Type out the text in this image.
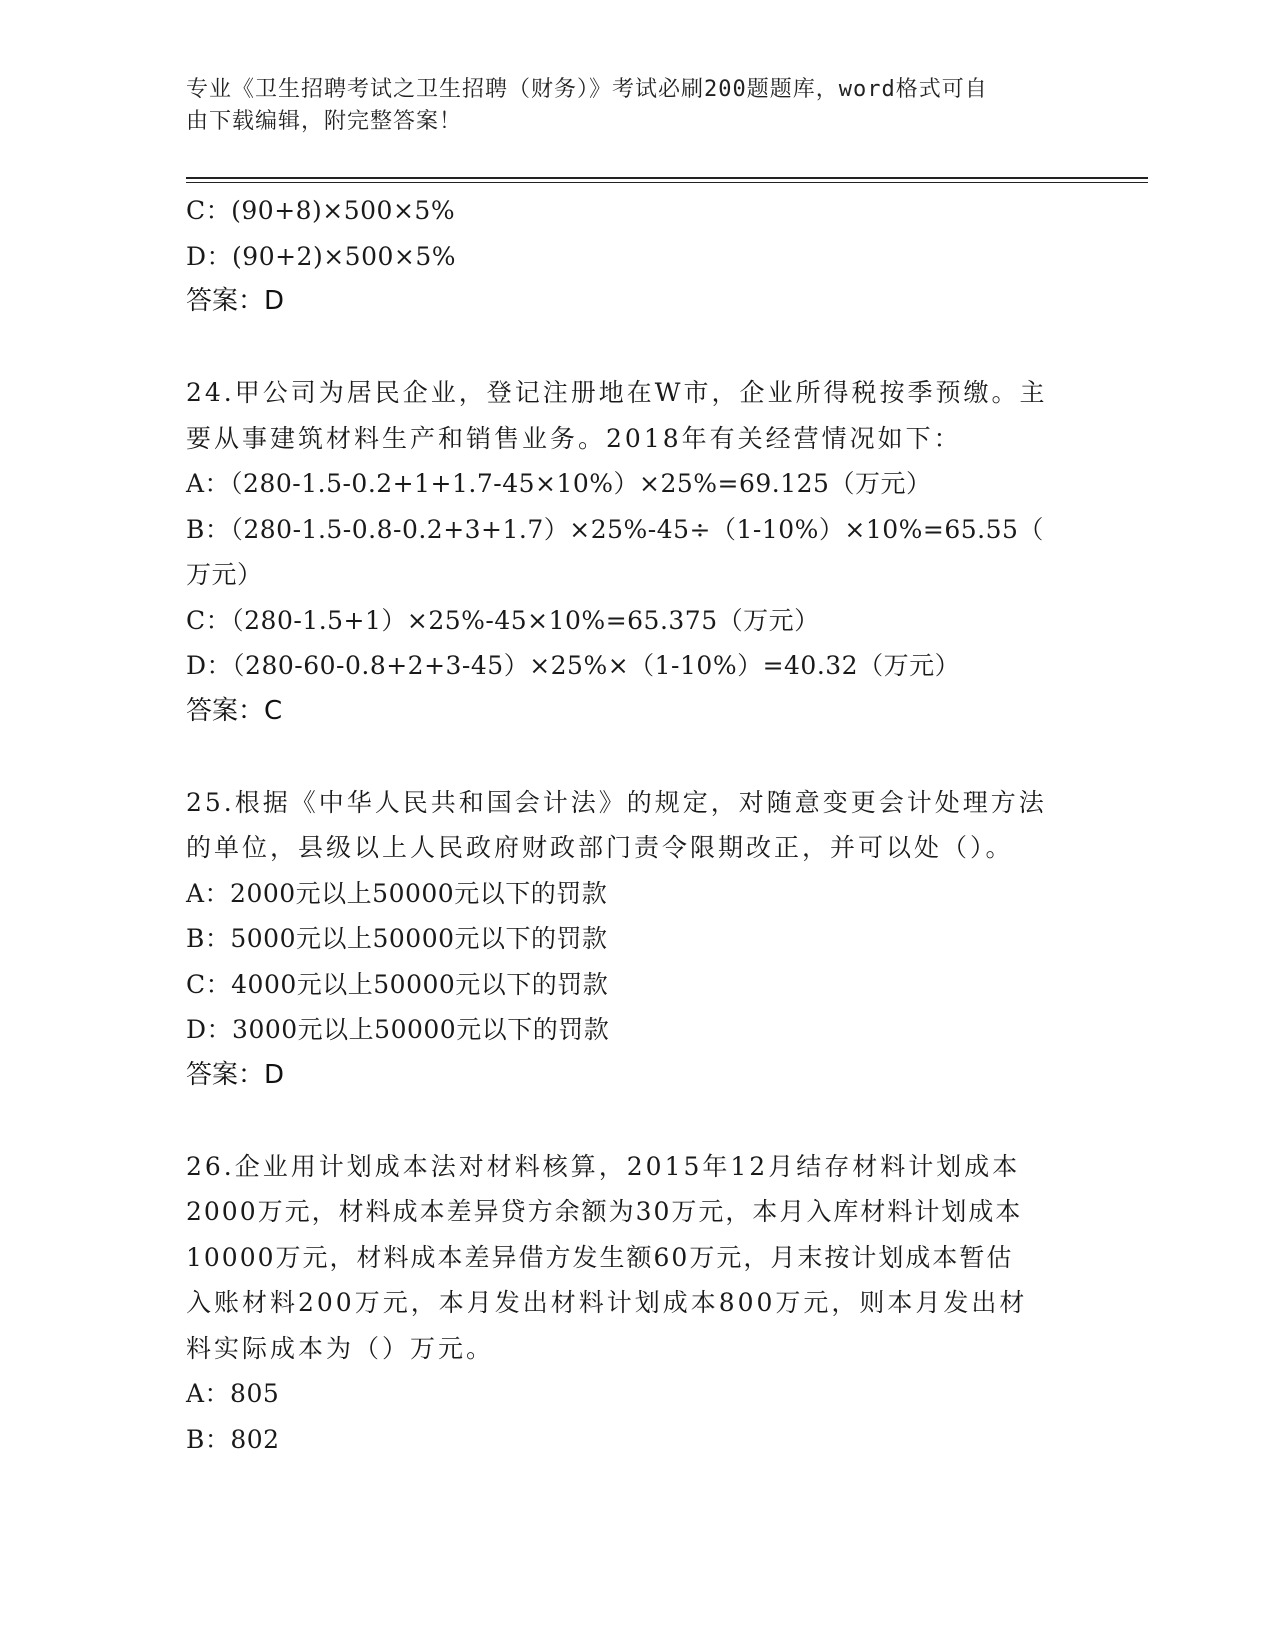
专业《卫生招聘考试之卫生招聘（财务）》考试必刷200题题库，word格式可自
由下载编辑，附完整答案！
C：(90+8)×500×5%
D：(90+2)×500×5%
答案：D
24.甲公司为居民企业，登记注册地在W市，企业所得税按季预缴。主
要从事建筑材料生产和销售业务。2018年有关经营情况如下：
A：（280-1.5-0.2+1+1.7-45×10%）×25%=69.125（万元）
B：（280-1.5-0.8-0.2+3+1.7）×25%-45÷（1-10%）×10%=65.55（
万元）
C：（280-1.5+1）×25%-45×10%=65.375（万元）
D：（280-60-0.8+2+3-45）×25%×（1-10%）=40.32（万元）
答案：C
25.根据《中华人民共和国会计法》的规定，对随意变更会计处理方法
的单位，县级以上人民政府财政部门责令限期改正，并可以处（）。
A：2000元以上50000元以下的罚款
B：5000元以上50000元以下的罚款
C：4000元以上50000元以下的罚款
D：3000元以上50000元以下的罚款
答案：D
26.企业用计划成本法对材料核算，2015年12月结存材料计划成本
2000万元，材料成本差异贷方余额为30万元，本月入库材料计划成本
10000万元，材料成本差异借方发生额60万元，月末按计划成本暂估
入账材料200万元，本月发出材料计划成本800万元，则本月发出材
料实际成本为（）万元。
A：805
B：802
